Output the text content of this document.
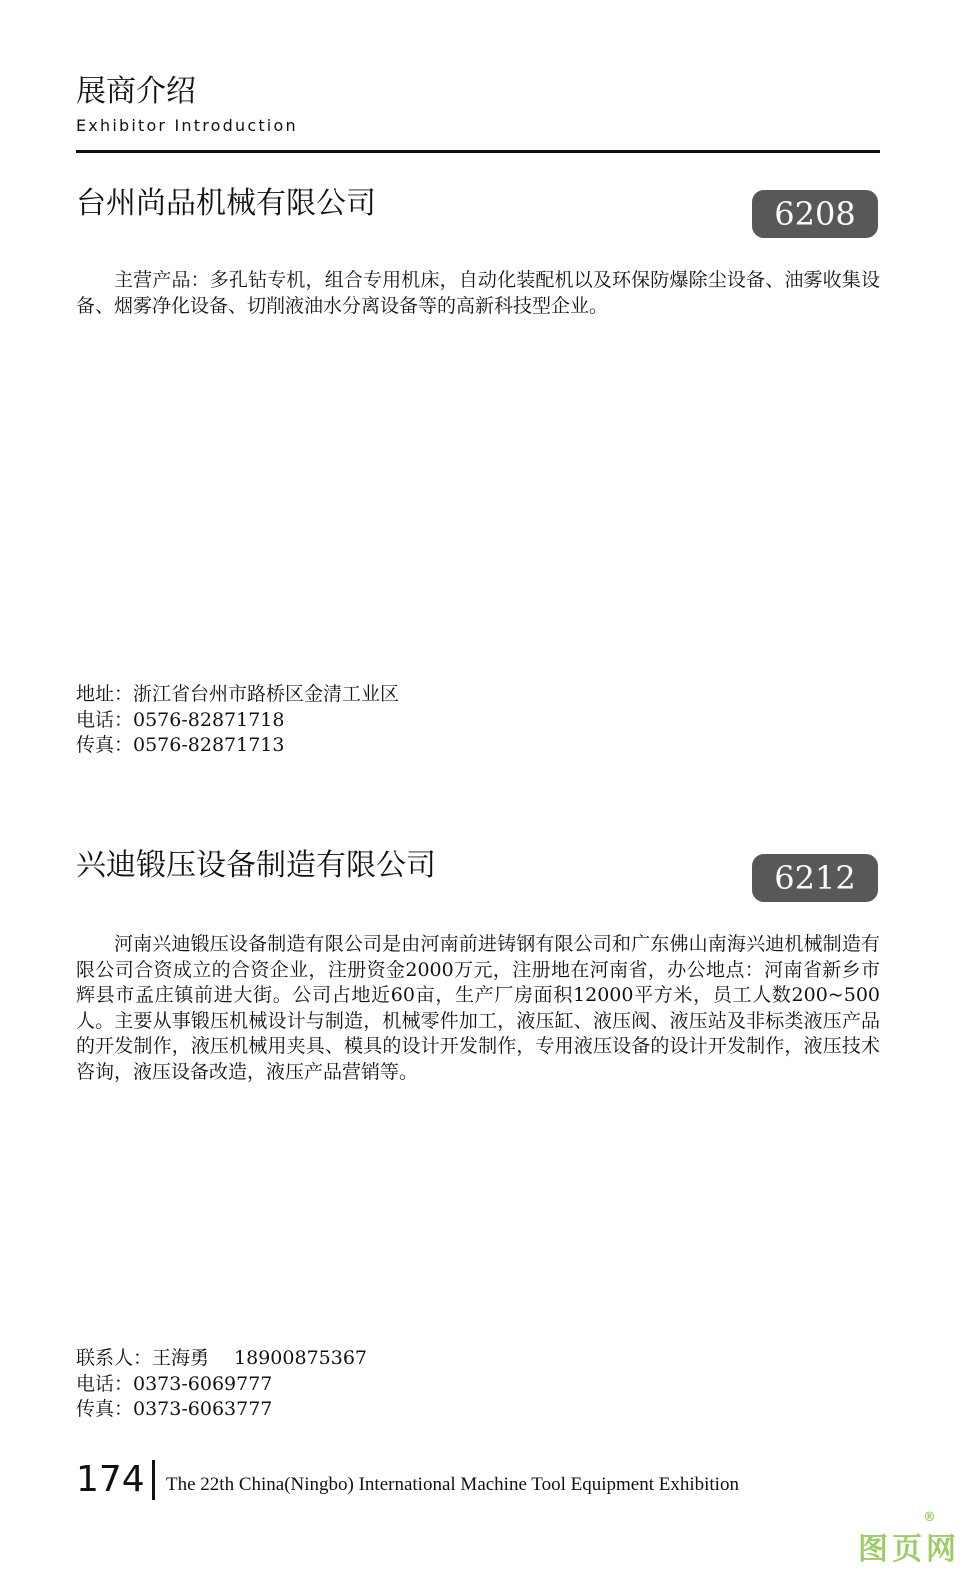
展商介绍
Exhibitor Introduction
台州尚品机械有限公司	6208
主营产品：多孔钻专机，组合专用机床，自动化装配机以及环保防爆除尘设备、油雾收集设备、烟雾净化设备、切削液油水分离设备等的高新科技型企业。
地址：浙江省台州市路桥区金清工业区
电话：0576-82871718
传真：0576-82871713
兴迪锻压设备制造有限公司	6212
河南兴迪锻压设备制造有限公司是由河南前进铸钢有限公司和广东佛山南海兴迪机械制造有限公司合资成立的合资企业，注册资金2000万元，注册地在河南省，办公地点：河南省新乡市辉县市孟庄镇前进大街。公司占地近60亩，生产厂房面积12000平方米，员工人数200~500人。主要从事锻压机械设计与制造，机械零件加工，液压缸、液压阀、液压站及非标类液压产品的开发制作，液压机械用夹具、模具的设计开发制作，专用液压设备的设计开发制作，液压技术咨询，液压设备改造，液压产品营销等。
联系人：王海勇　 18900875367
电话：0373-6069777
传真：0373-6063777
174 The 22th China(Ningbo) International Machine Tool Equipment Exhibition
图页网
®
